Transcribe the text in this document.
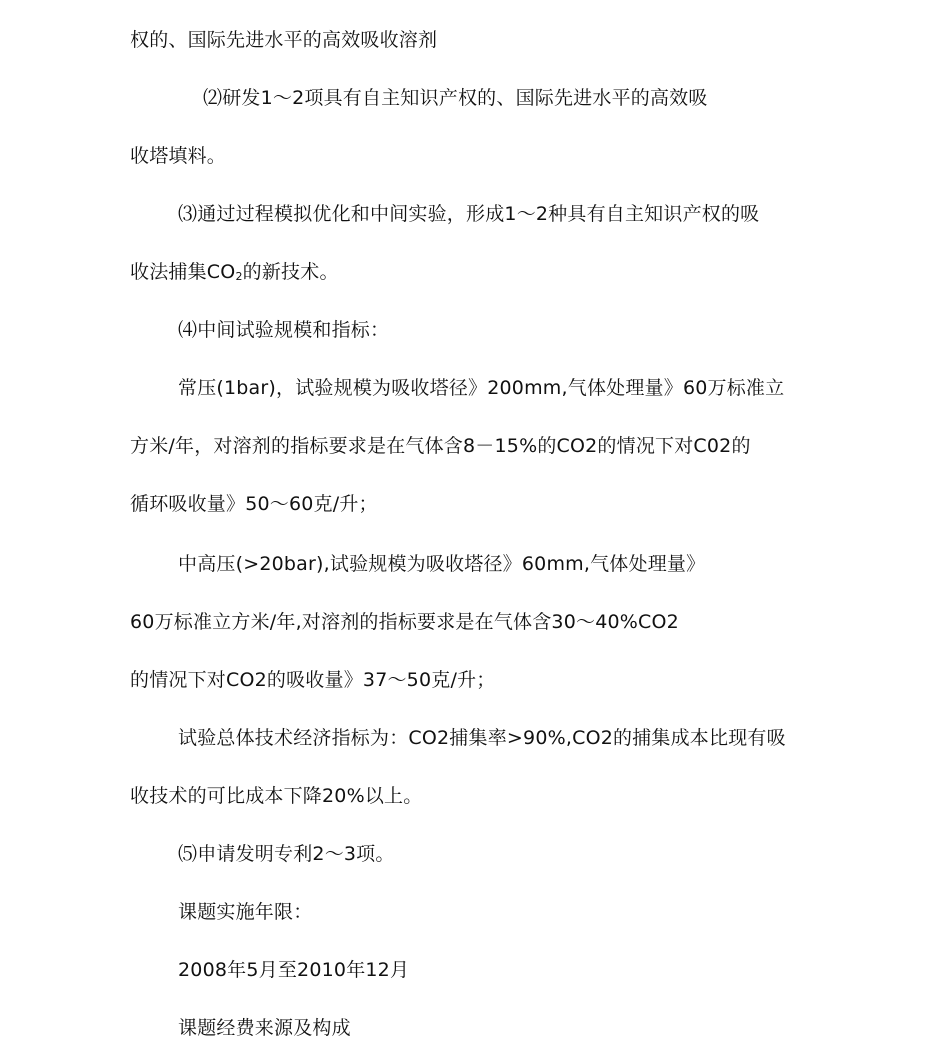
权的、国际先进水平的高效吸收溶剂
⑵研发1〜2项具有自主知识产权的、国际先进水平的高效吸
收塔填料。
⑶通过过程模拟优化和中间实验，形成1〜2种具有自主知识产权的吸
收法捕集$CO_2$的新技术。
⑷中间试验规模和指标：
常压(1bar)，试验规模为吸收塔径》200mm,气体处理量》60万标准立
方米/年，对溶剂的指标要求是在气体含8－15%的CO2的情况下对C02的
循环吸收量》50〜60克/升；
中高压(>20bar),试验规模为吸收塔径》60mm,气体处理量》
60万标准立方米/年,对溶剂的指标要求是在气体含30〜40%CO2
的情况下对CO2的吸收量》37〜50克/升；
试验总体技术经济指标为：CO2捕集率>90%,CO2的捕集成本比现有吸
收技术的可比成本下降20%以上。
⑸申请发明专利2〜3项。
课题实施年限：
2008年5月至2010年12月
课题经费来源及构成
